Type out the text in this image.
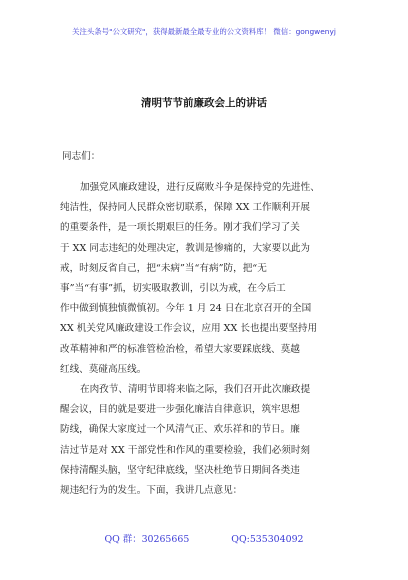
关注头条号"公文研究"，获得最新最全最专业的公文资料库！ 微信：gongwenyj
清明节节前廉政会上的讲话
同志们：

加强党风廉政建设，进行反腐败斗争是保持党的先进性、
纯洁性，保持同人民群众密切联系，保障 XX 工作顺利开展
的重要条件，是一项长期艰巨的任务。刚才我们学习了关
于 XX 同志违纪的处理决定，教训是惨痛的，大家要以此为
戒，时刻反省自己，把“未病”当“有病”防，把“无
事”当“有事”抓，切实吸取教训，引以为戒，在今后工
作中做到慎独慎微慎初。今年 1 月 24 日在北京召开的全国
XX 机关党风廉政建设工作会议，应用 XX 长也提出要坚持用
改革精神和严的标准管检治检，希望大家要踩底线、莫越
红线、莫碰高压线。

在肉孜节、清明节即将来临之际，我们召开此次廉政提
醒会议，目的就是要进一步强化廉洁自律意识，筑牢思想
防线，确保大家度过一个风清气正、欢乐祥和的节日。廉
洁过节是对 XX 干部党性和作风的重要检验，我们必须时刻
保持清醒头脑，坚守纪律底线，坚决杜绝节日期间各类违
规违纪行为的发生。下面，我讲几点意见：

QQ 群：30265665	QQ:535304092
